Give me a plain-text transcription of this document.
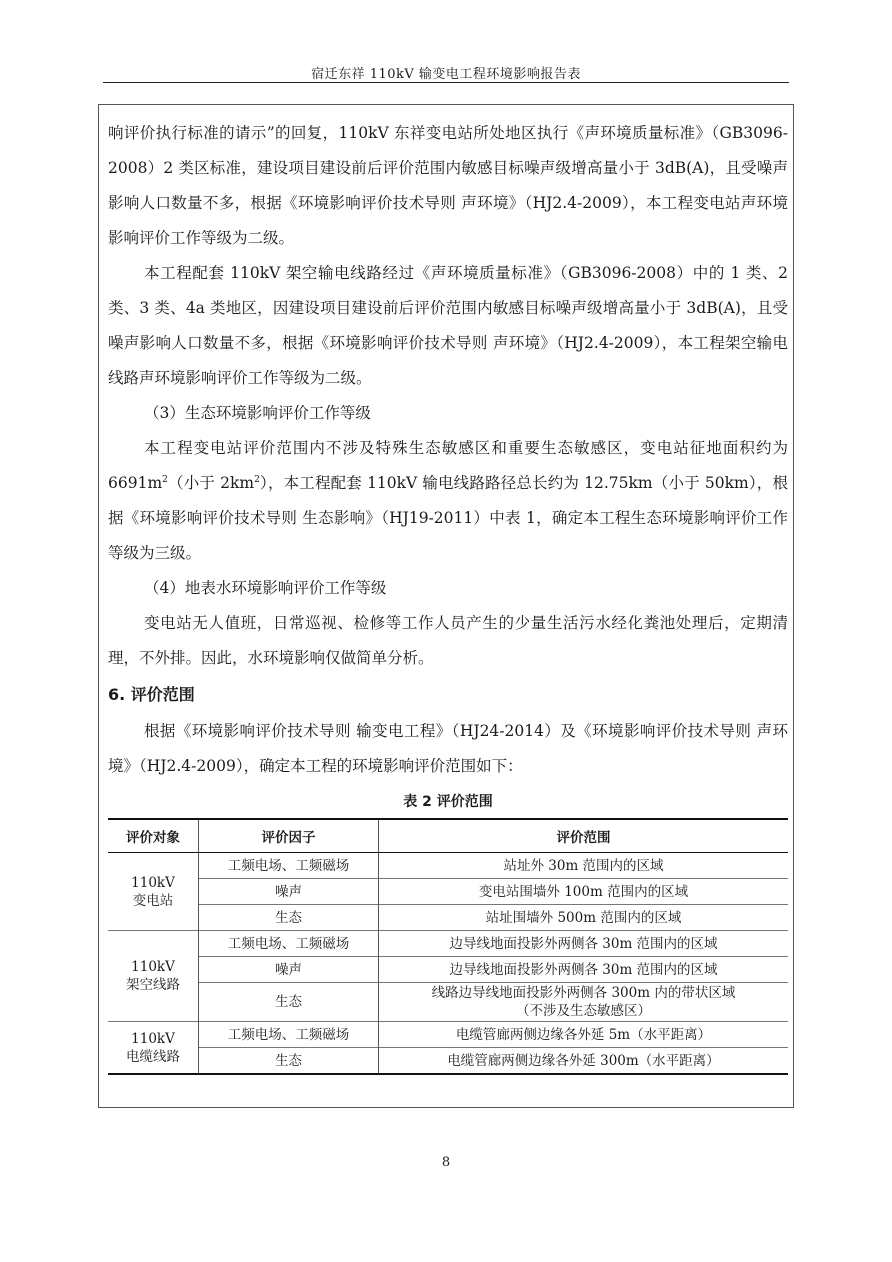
宿迁东祥 110kV 输变电工程环境影响报告表

响评价执行标准的请示”的回复，110kV 东祥变电站所处地区执行《声环境质量标准》（GB3096-2008）2 类区标准，建设项目建设前后评价范围内敏感目标噪声级增高量小于 3dB(A)，且受噪声影响人口数量不多，根据《环境影响评价技术导则 声环境》（HJ2.4-2009），本工程变电站声环境影响评价工作等级为二级。

本工程配套 110kV 架空输电线路经过《声环境质量标准》（GB3096-2008）中的 1 类、2 类、3 类、4a 类地区，因建设项目建设前后评价范围内敏感目标噪声级增高量小于 3dB(A)，且受噪声影响人口数量不多，根据《环境影响评价技术导则 声环境》（HJ2.4-2009），本工程架空输电线路声环境影响评价工作等级为二级。

（3）生态环境影响评价工作等级

本工程变电站评价范围内不涉及特殊生态敏感区和重要生态敏感区，变电站征地面积约为 $6691m^2$（小于 $2km^2$），本工程配套 110kV 输电线路路径总长约为 12.75km（小于 50km），根据《环境影响评价技术导则 生态影响》（HJ19-2011）中表 1，确定本工程生态环境影响评价工作等级为三级。

（4）地表水环境影响评价工作等级

变电站无人值班，日常巡视、检修等工作人员产生的少量生活污水经化粪池处理后，定期清理，不外排。因此，水环境影响仅做简单分析。

6. 评价范围

根据《环境影响评价技术导则 输变电工程》（HJ24-2014）及《环境影响评价技术导则 声环境》（HJ2.4-2009），确定本工程的环境影响评价范围如下：

表 2 评价范围
评价对象	评价因子	评价范围
110kV
变电站	工频电场、工频磁场	站址外 30m 范围内的区域
	噪声	变电站围墙外 100m 范围内的区域
	生态	站址围墙外 500m 范围内的区域
110kV
架空线路	工频电场、工频磁场	边导线地面投影外两侧各 30m 范围内的区域
	噪声	边导线地面投影外两侧各 30m 范围内的区域
	生态	线路边导线地面投影外两侧各 300m 内的带状区域
（不涉及生态敏感区）
110kV
电缆线路	工频电场、工频磁场	电缆管廊两侧边缘各外延 5m（水平距离）
	生态	电缆管廊两侧边缘各外延 300m（水平距离）
8
